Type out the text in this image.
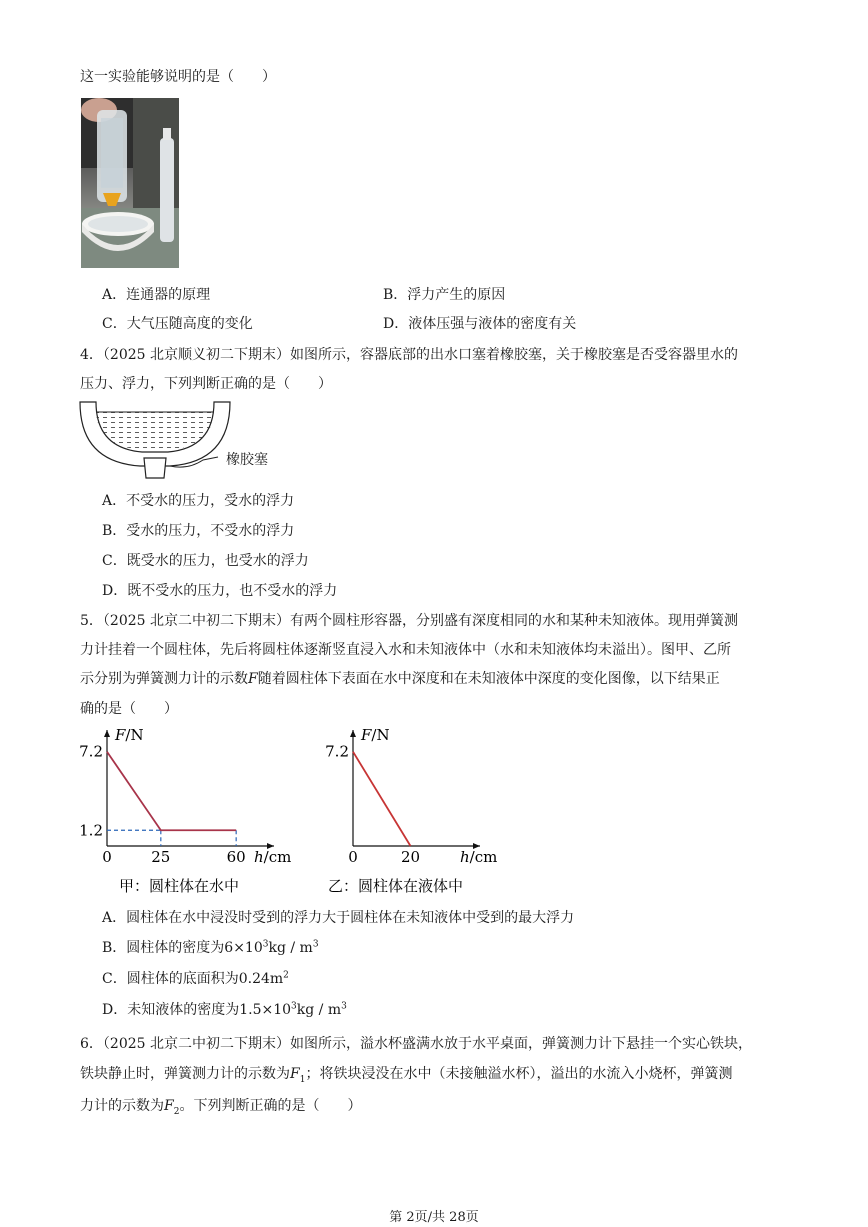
这一实验能够说明的是（　　）
A．连通器的原理	B．浮力产生的原因
C．大气压随高度的变化	D．液体压强与液体的密度有关
4．（2025 北京顺义初二下期末）如图所示，容器底部的出水口塞着橡胶塞，关于橡胶塞是否受容器里水的
压力、浮力，下列判断正确的是（　　）
橡胶塞
A．不受水的压力，受水的浮力
B．受水的压力，不受水的浮力
C．既受水的压力，也受水的浮力
D．既不受水的压力，也不受水的浮力
5．（2025 北京二中初二下期末）有两个圆柱形容器，分别盛有深度相同的水和某种未知液体。现用弹簧测
力计挂着一个圆柱体，先后将圆柱体逐渐竖直浸入水和未知液体中（水和未知液体均未溢出）。图甲、乙所
示分别为弹簧测力计的示数F随着圆柱体下表面在水中深度和在未知液体中深度的变化图像，以下结果正
确的是（　　）
F/N
h/cm
0	25	60
7.2
1.2
甲：圆柱体在水中
F/N
h/cm
0	20
7.2
乙：圆柱体在液体中
A．圆柱体在水中浸没时受到的浮力大于圆柱体在未知液体中受到的最大浮力
B．圆柱体的密度为$6\times 10^3kg / m^3$
C．圆柱体的底面积为$0.24m^2$
D．未知液体的密度为$1.5\times 10^3kg / m^3$
6．（2025 北京二中初二下期末）如图所示，溢水杯盛满水放于水平桌面，弹簧测力计下悬挂一个实心铁块，
铁块静止时，弹簧测力计的示数为$F_1$；将铁块浸没在水中（未接触溢水杯），溢出的水流入小烧杯，弹簧测
力计的示数为$F_2$。下列判断正确的是（　　）
第 2页/共 28页
